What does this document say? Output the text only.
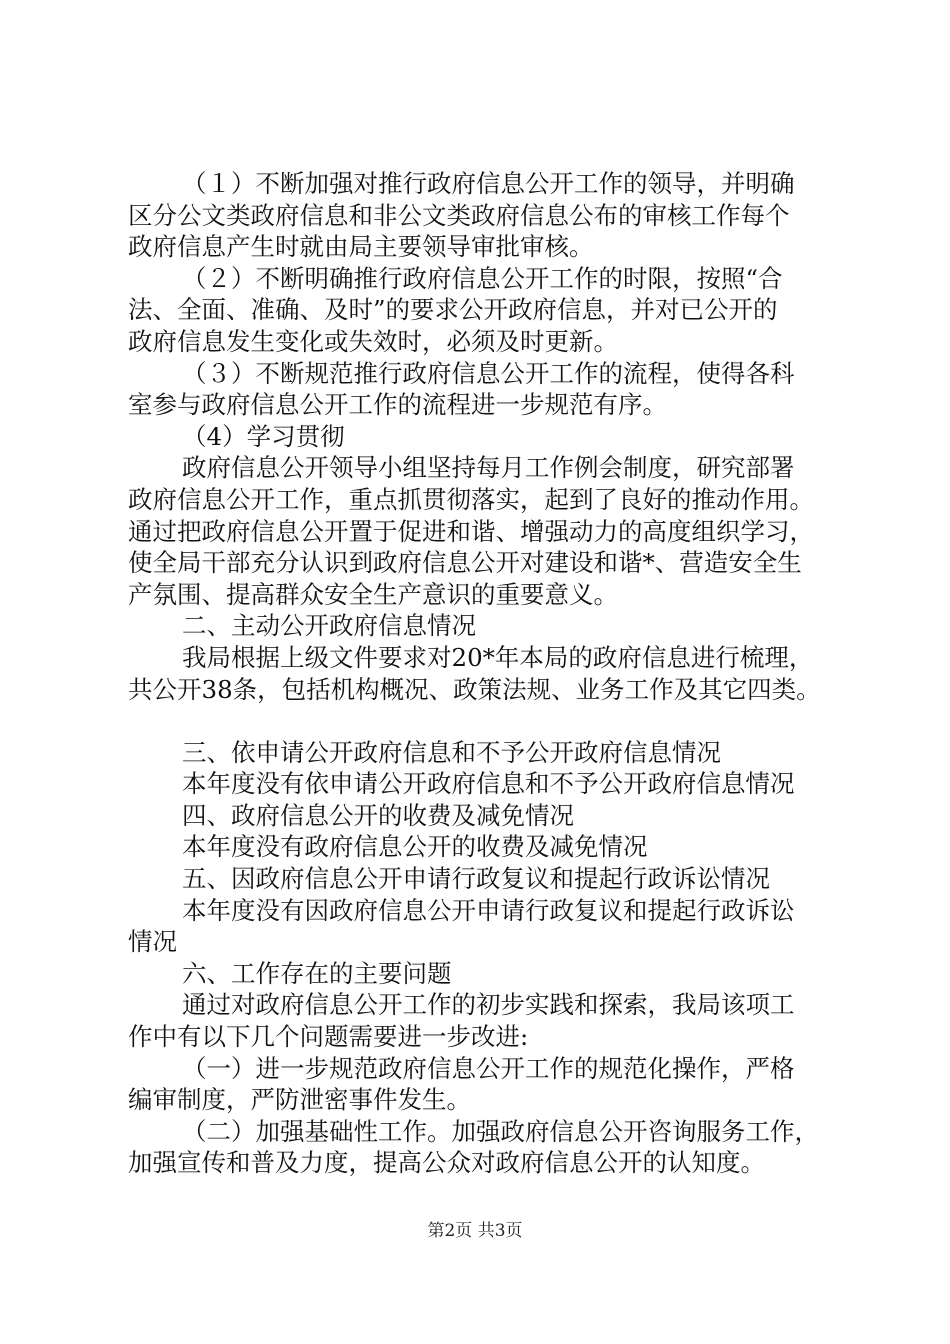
（１）不断加强对推行政府信息公开工作的领导，并明确
区分公文类政府信息和非公文类政府信息公布的审核工作每个
政府信息产生时就由局主要领导审批审核。
（２）不断明确推行政府信息公开工作的时限，按照“合
法、全面、准确、及时”的要求公开政府信息，并对已公开的
政府信息发生变化或失效时，必须及时更新。
（３）不断规范推行政府信息公开工作的流程，使得各科
室参与政府信息公开工作的流程进一步规范有序。
（4）学习贯彻
政府信息公开领导小组坚持每月工作例会制度，研究部署
政府信息公开工作，重点抓贯彻落实，起到了良好的推动作用。
通过把政府信息公开置于促进和谐、增强动力的高度组织学习，
使全局干部充分认识到政府信息公开对建设和谐*、营造安全生
产氛围、提高群众安全生产意识的重要意义。
二、主动公开政府信息情况
我局根据上级文件要求对20*年本局的政府信息进行梳理，
共公开38条，包括机构概况、政策法规、业务工作及其它四类。
三、依申请公开政府信息和不予公开政府信息情况
本年度没有依申请公开政府信息和不予公开政府信息情况
四、政府信息公开的收费及减免情况
本年度没有政府信息公开的收费及减免情况
五、因政府信息公开申请行政复议和提起行政诉讼情况
本年度没有因政府信息公开申请行政复议和提起行政诉讼
情况
六、工作存在的主要问题
通过对政府信息公开工作的初步实践和探索，我局该项工
作中有以下几个问题需要进一步改进:
（一）进一步规范政府信息公开工作的规范化操作，严格
编审制度，严防泄密事件发生。
（二）加强基础性工作。加强政府信息公开咨询服务工作，
加强宣传和普及力度，提高公众对政府信息公开的认知度。
第2页 共3页
